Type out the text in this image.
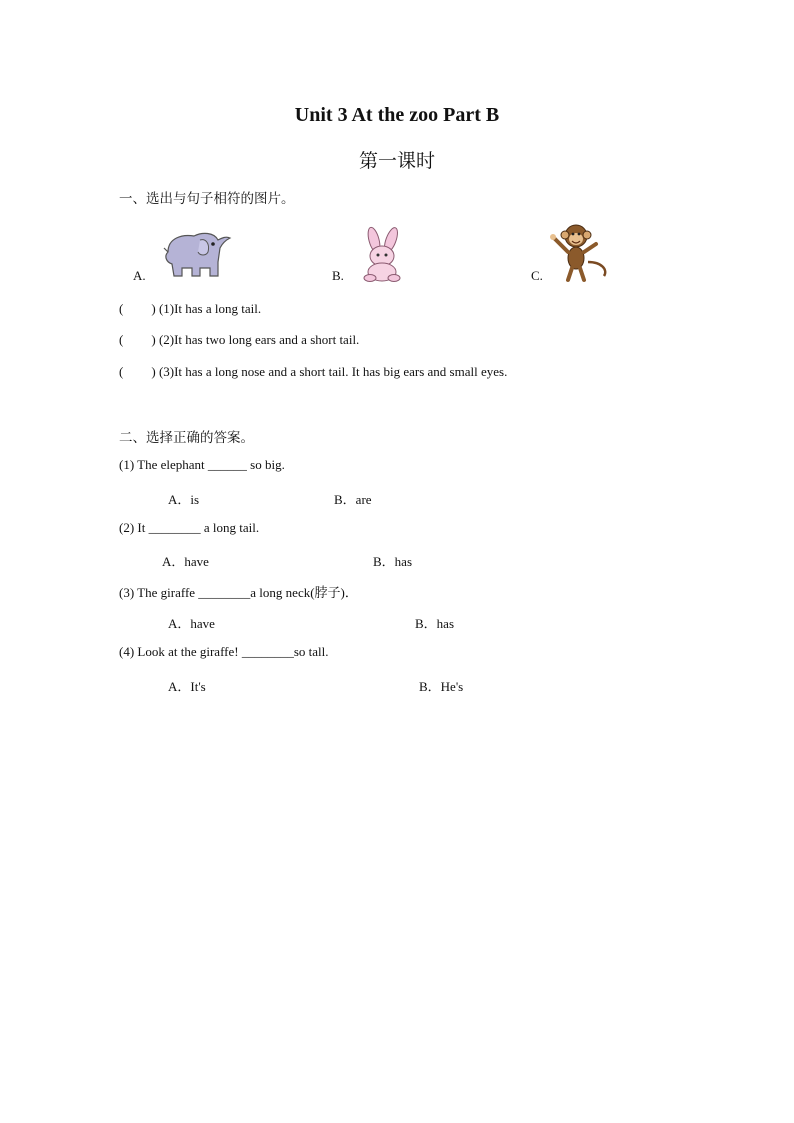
Unit 3 At the zoo Part B
第一课时
一、选出与句子相符的图片。
A.	B.	C.
( ) (1)It has a long tail.
( ) (2)It has two long ears and a short tail.
( ) (3)It has a long nose and a short tail. It has big ears and small eyes.
二、选择正确的答案。
(1) The elephant ______ so big.
A．is	B．are
(2) It ________ a long tail.
A．have	B．has
(3) The giraffe ________a long neck(脖子)．
A．have	B．has
(4) Look at the giraffe! ________so tall.
A．It's	B．He's
